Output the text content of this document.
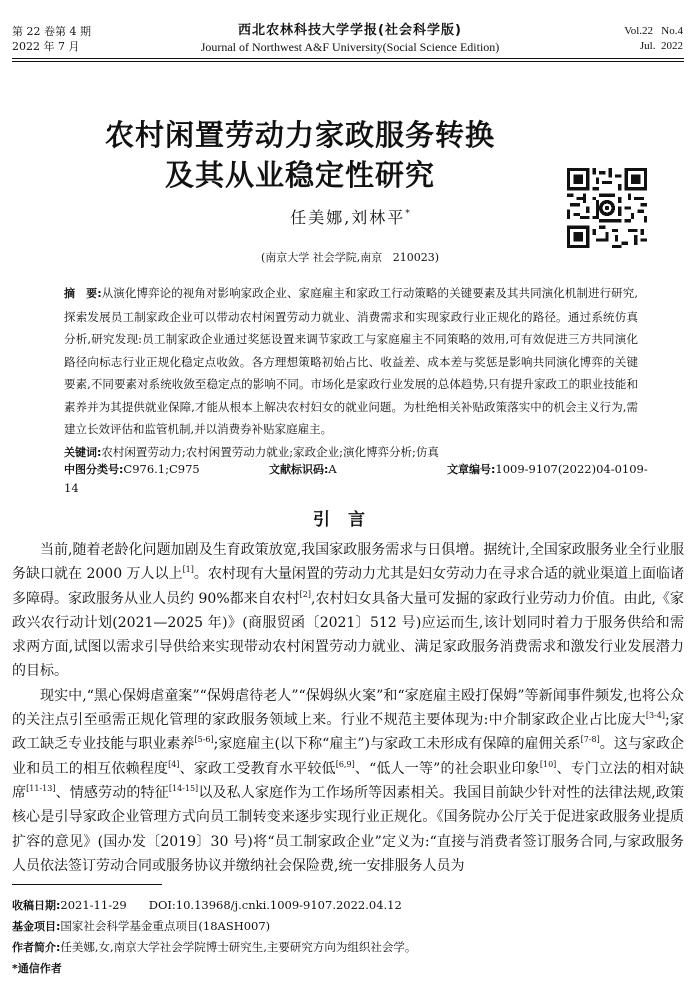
第 22 卷第 4 期
2022 年 7 月
西北农林科技大学学报(社会科学版)
Journal of Northwest A&F University(Social Science Edition)
Vol.22   No.4
Jul.  2022
农村闲置劳动力家政服务转换
及其从业稳定性研究
任美娜,刘林平*
(南京大学 社会学院,南京   210023)
摘　要:从演化博弈论的视角对影响家政企业、家庭雇主和家政工行动策略的关键要素及其共同演化机制进行研究,探索发展员工制家政企业可以带动农村闲置劳动力就业、消费需求和实现家政行业正规化的路径。通过系统仿真分析,研究发现:员工制家政企业通过奖惩设置来调节家政工与家庭雇主不同策略的效用,可有效促进三方共同演化路径向标志行业正规化稳定点收敛。各方理想策略初始占比、收益差、成本差与奖惩是影响共同演化博弈的关键要素,不同要素对系统收敛至稳定点的影响不同。市场化是家政行业发展的总体趋势,只有提升家政工的职业技能和素养并为其提供就业保障,才能从根本上解决农村妇女的就业问题。为杜绝相关补贴政策落实中的机会主义行为,需建立长效评估和监管机制,并以消费券补贴家庭雇主。
关键词:农村闲置劳动力;农村闲置劳动力就业;家政企业;演化博弈分析;仿真
中图分类号:C976.1;C975	文献标识码:A	文章编号:1009-9107(2022)04-0109-14
引言

当前,随着老龄化问题加剧及生育政策放宽,我国家政服务需求与日俱增。据统计,全国家政服务业全行业服务缺口就在 2000 万人以上[1]。农村现有大量闲置的劳动力尤其是妇女劳动力在寻求合适的就业渠道上面临诸多障碍。家政服务从业人员约 90%都来自农村[2],农村妇女具备大量可发掘的家政行业劳动力价值。由此,《家政兴农行动计划(2021—2025 年)》(商服贸函〔2021〕512 号)应运而生,该计划同时着力于服务供给和需求两方面,试图以需求引导供给来实现带动农村闲置劳动力就业、满足家政服务消费需求和激发行业发展潜力的目标。

现实中,“黑心保姆虐童案”“保姆虐待老人”“保姆纵火案”和“家庭雇主殴打保姆”等新闻事件频发,也将公众的关注点引至亟需正规化管理的家政服务领域上来。行业不规范主要体现为:中介制家政企业占比庞大[3-4];家政工缺乏专业技能与职业素养[5-6];家庭雇主(以下称“雇主”)与家政工未形成有保障的雇佣关系[7-8]。这与家政企业和员工的相互依赖程度[4]、家政工受教育水平较低[6,9]、“低人一等”的社会职业印象[10]、专门立法的相对缺席[11-13]、情感劳动的特征[14-15]以及私人家庭作为工作场所等因素相关。我国目前缺少针对性的法律法规,政策核心是引导家政企业管理方式向员工制转变来逐步实现行业正规化。《国务院办公厅关于促进家政服务业提质扩容的意见》(国办发〔2019〕30 号)将“员工制家政企业”定义为:“直接与消费者签订服务合同,与家政服务人员依法签订劳动合同或服务协议并缴纳社会保险费,统一安排服务人员为

收稿日期:2021-11-29 DOI:10.13968/j.cnki.1009-9107.2022.04.12
基金项目:国家社会科学基金重点项目(18ASH007)
作者简介:任美娜,女,南京大学社会学院博士研究生,主要研究方向为组织社会学。
*通信作者
